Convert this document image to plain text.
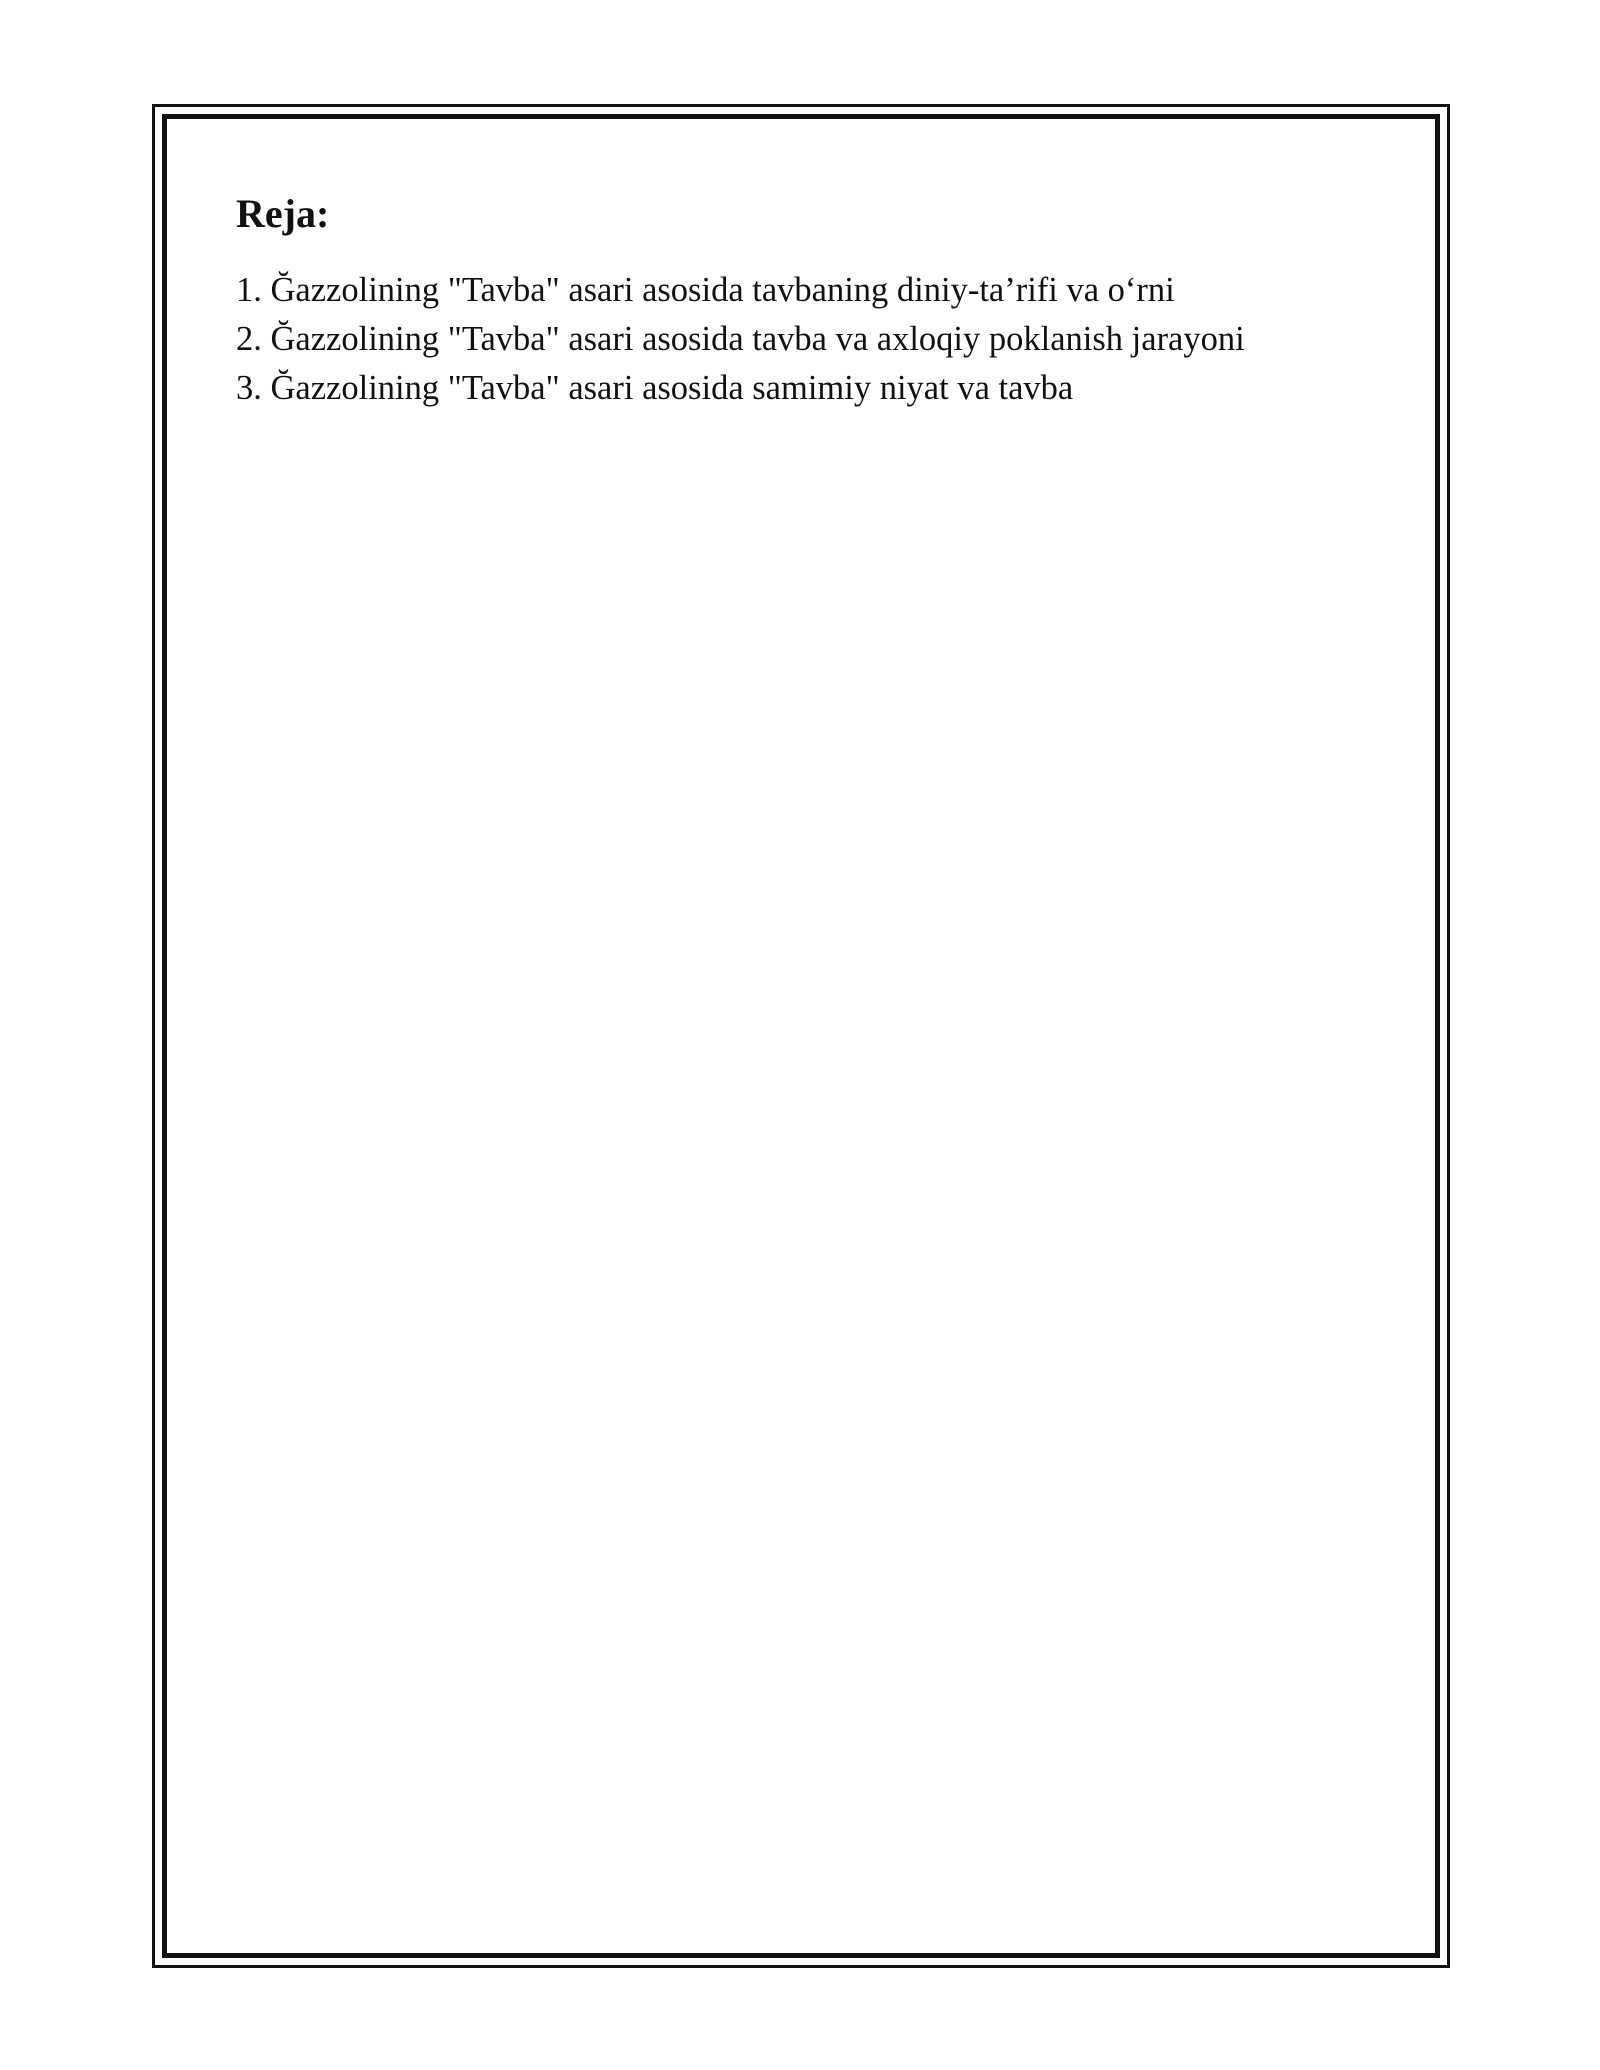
Reja:
1. Ğazzolining "Tavba" asari asosida tavbaning diniy-ta’rifi va o‘rni
2. Ğazzolining "Tavba" asari asosida tavba va axloqiy poklanish jarayoni
3. Ğazzolining "Tavba" asari asosida samimiy niyat va tavba
